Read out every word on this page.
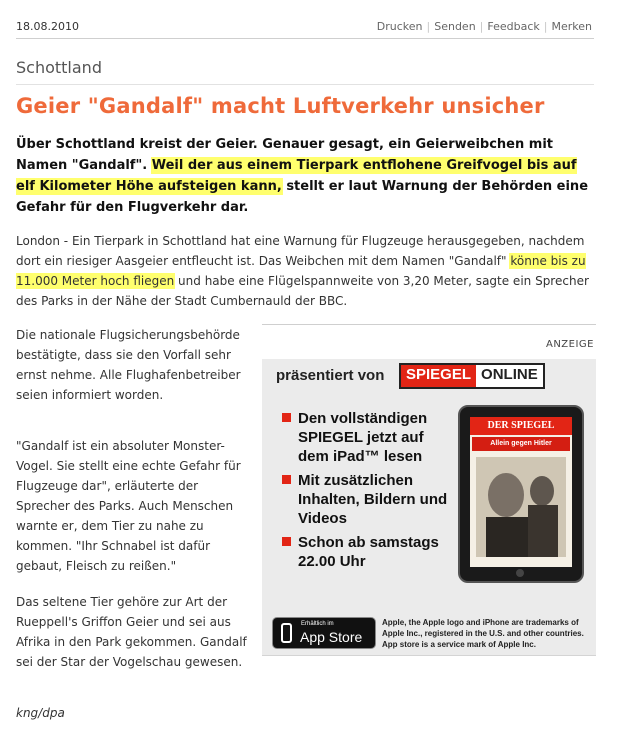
18.08.2010	Drucken | Senden | Feedback | Merken
Schottland
Geier "Gandalf" macht Luftverkehr unsicher
Über Schottland kreist der Geier. Genauer gesagt, ein Geierweibchen mit Namen "Gandalf". Weil der aus einem Tierpark entflohene Greifvogel bis auf elf Kilometer Höhe aufsteigen kann, stellt er laut Warnung der Behörden eine Gefahr für den Flugverkehr dar.
London - Ein Tierpark in Schottland hat eine Warnung für Flugzeuge herausgegeben, nachdem dort ein riesiger Aasgeier entfleucht ist. Das Weibchen mit dem Namen "Gandalf" könne bis zu 11.000 Meter hoch fliegen und habe eine Flügelspannweite von 3,20 Meter, sagte ein Sprecher des Parks in der Nähe der Stadt Cumbernauld der BBC.
Die nationale Flugsicherungsbehörde bestätigte, dass sie den Vorfall sehr ernst nehme. Alle Flughafenbetreiber seien informiert worden.
"Gandalf ist ein absoluter Monster-Vogel. Sie stellt eine echte Gefahr für Flugzeuge dar", erläuterte der Sprecher des Parks. Auch Menschen warnte er, dem Tier zu nahe zu kommen. "Ihr Schnabel ist dafür gebaut, Fleisch zu reißen."
Das seltene Tier gehöre zur Art der Rueppell's Griffon Geier und sei aus Afrika in den Park gekommen. Gandalf sei der Star der Vogelschau gewesen.
kng/dpa
ANZEIGE
präsentiert von	SPIEGEL ONLINE
Den vollständigen SPIEGEL jetzt auf dem iPad™ lesen
Mit zusätzlichen Inhalten, Bildern und Videos
Schon ab samstags 22.00 Uhr
DER SPIEGEL
Allein gegen Hitler
Erhältlich im
App Store
Apple, the Apple logo and iPhone are trademarks of Apple Inc., registered in the U.S. and other countries. App store is a service mark of Apple Inc.
